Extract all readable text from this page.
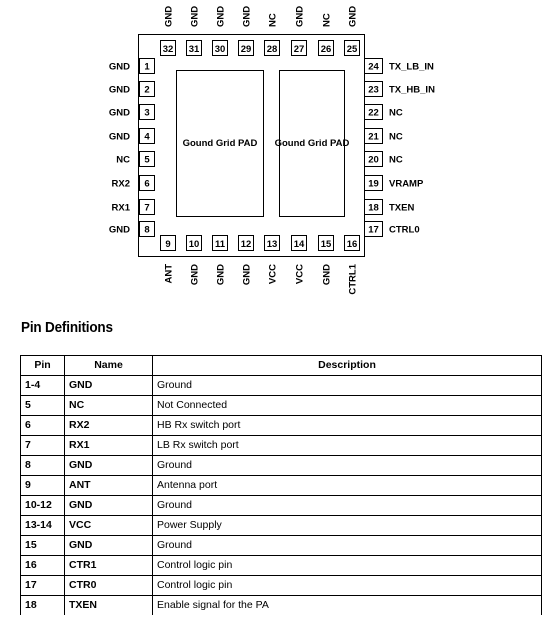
Gound Grid PAD Gound Grid PAD
32
GND
31
GND
30
GND
29
GND
28
NC
27
GND
26
NC
25
GND
9
ANT
10
GND
11
GND
12
GND
13
VCC
14
VCC
15
GND
16
CTRL1
1
GND
2
GND
3
GND
4
GND
5
NC
6
RX2
7
RX1
8
GND
24 TX_LB_IN
23 TX_HB_IN
22 NC
21 NC
20 NC
19 VRAMP
18 TXEN
17 CTRL0
Pin Definitions
Pin	Name	Description
1-4	GND	Ground
5	NC	Not Connected
6	RX2	HB Rx switch port
7	RX1	LB Rx switch port
8	GND	Ground
9	ANT	Antenna port
10-12	GND	Ground
13-14	VCC	Power Supply
15	GND	Ground
16	CTR1	Control logic pin
17	CTR0	Control logic pin
18	TXEN	Enable signal for the PA
